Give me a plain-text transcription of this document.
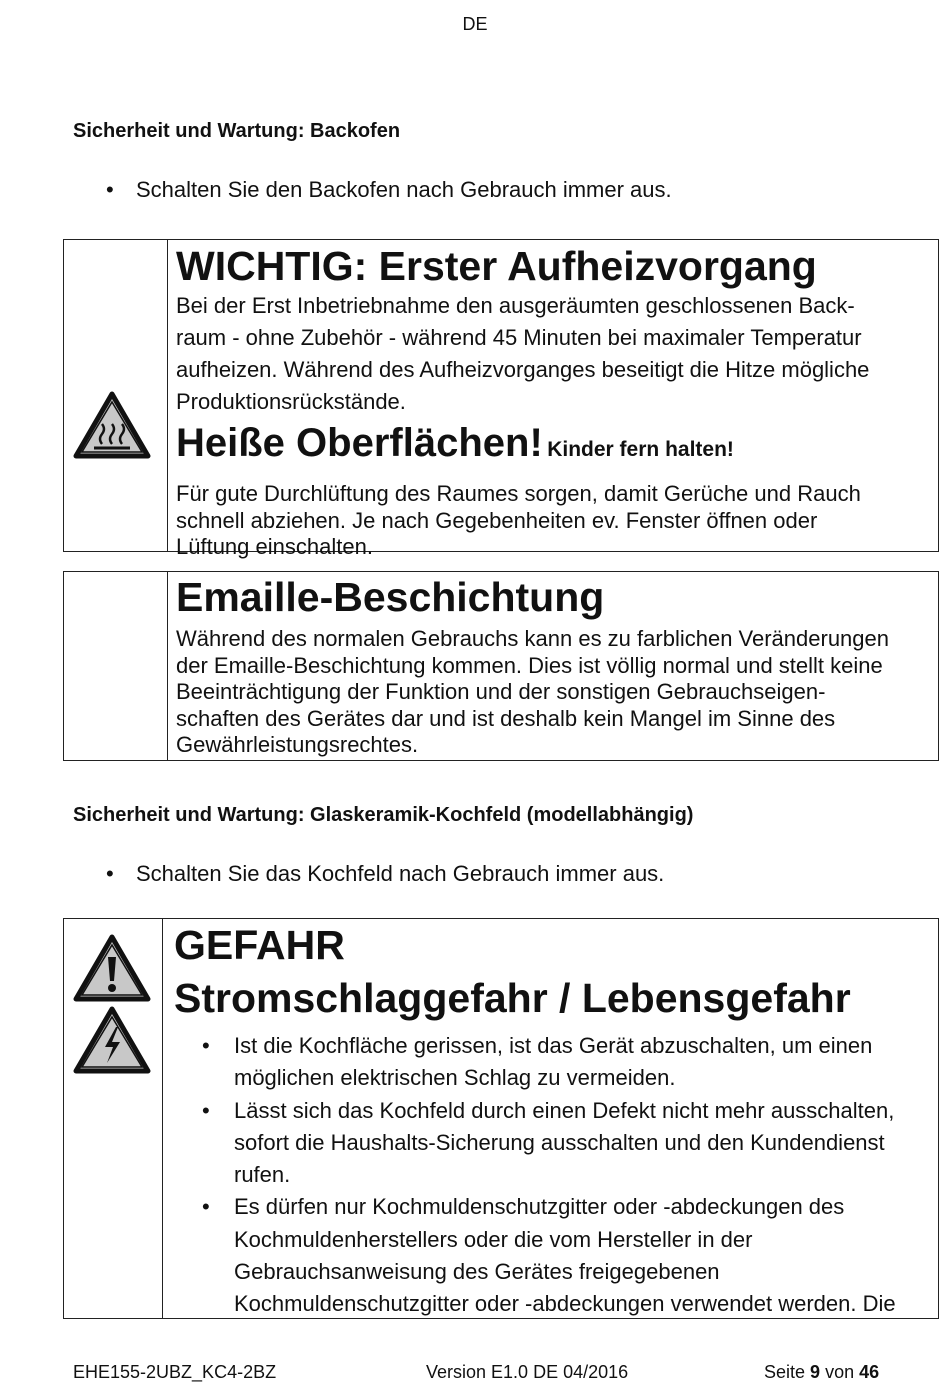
DE
Sicherheit und Wartung: Backofen
• Schalten Sie den Backofen nach Gebrauch immer aus.
WICHTIG: Erster Aufheizvorgang
Bei der Erst Inbetriebnahme den ausgeräumten geschlossenen Back-
raum - ohne Zubehör - während 45 Minuten bei maximaler Temperatur
aufheizen. Während des Aufheizvorganges beseitigt die Hitze mögliche
Produktionsrückstände.
Heiße Oberflächen! Kinder fern halten!
Für gute Durchlüftung des Raumes sorgen, damit Gerüche und Rauch
schnell abziehen. Je nach Gegebenheiten ev. Fenster öffnen oder
Lüftung einschalten.
Emaille-Beschichtung
Während des normalen Gebrauchs kann es zu farblichen Veränderungen
der Emaille-Beschichtung kommen. Dies ist völlig normal und stellt keine
Beeinträchtigung der Funktion und der sonstigen Gebrauchseigen-
schaften des Gerätes dar und ist deshalb kein Mangel im Sinne des
Gewährleistungsrechtes.
Sicherheit und Wartung: Glaskeramik-Kochfeld (modellabhängig)
• Schalten Sie das Kochfeld nach Gebrauch immer aus.
GEFAHR
Stromschlaggefahr / Lebensgefahr
• Ist die Kochfläche gerissen, ist das Gerät abzuschalten, um einen
möglichen elektrischen Schlag zu vermeiden.
• Lässt sich das Kochfeld durch einen Defekt nicht mehr ausschalten,
sofort die Haushalts-Sicherung ausschalten und den Kundendienst
rufen.
• Es dürfen nur Kochmuldenschutzgitter oder -abdeckungen des
Kochmuldenherstellers oder die vom Hersteller in der
Gebrauchsanweisung des Gerätes freigegebenen
Kochmuldenschutzgitter oder -abdeckungen verwendet werden. Die
EHE155-2UBZ_KC4-2BZ	Version E1.0 DE 04/2016	Seite 9 von 46
